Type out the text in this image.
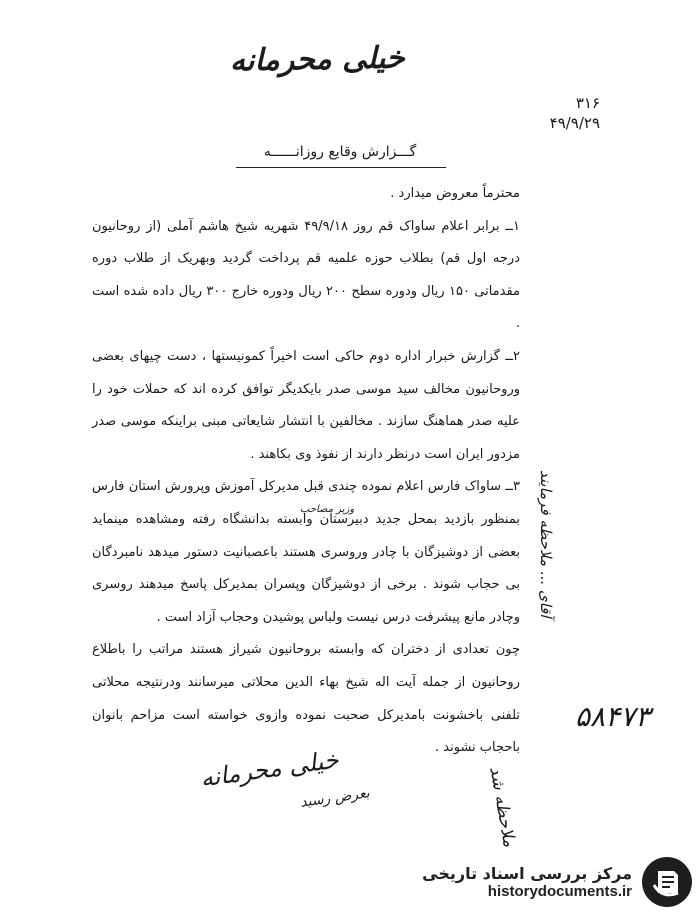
خیلی محرمانه
۳۱۶
۴۹/۹/۲۹
گـــزارش وقایع روزانــــــه

محترماً معروض میدارد .

۱ــ برابر اعلام ساواک قم روز ۴۹/۹/۱۸ شهریه شیخ هاشم آملی (از روحانیون درجه اول قم) بطلاب حوزه علمیه قم پرداخت گردید وبهریک از طلاب دوره مقدماتی ۱۵۰ ریال ودوره سطح ۲۰۰ ریال ودوره خارج ۳۰۰ ریال داده شده است .

۲ــ گزارش خبرار اداره دوم حاکی است اخیراً کمونیستها ، دست چیهای بعضی وروحانیون مخالف سید موسی صدر بایکدیگر توافق کرده اند که حملات خود را علیه صدر هماهنگ سازند . مخالفین با انتشار شایعاتی مبنی براینکه موسی صدر مزدور ایران است درنظر دارند از نفوذ وی بکاهند .

۳ــ ساواک فارس اعلام نموده چندی قبل مدیرکل آموزش وپرورش استان فارس بمنظور بازدید بمحل جدید دبیرستان وابسته بدانشگاه رفته ومشاهده مینماید بعضی از دوشیزگان با چادر وروسری هستند باعصبانیت دستور میدهد نامبردگان بی حجاب شوند . برخی از دوشیزگان وپسران بمدیرکل پاسخ میدهند روسری وچادر مانع پیشرفت درس نیست ولباس پوشیدن وحجاب آزاد است .

چون تعدادی از دختران که وابسته بروحانیون شیراز هستند مراتب را باطلاع روحانیون از جمله آیت اله شیخ بهاء الدین محلاتی میرسانند ودرنتیجه محلاتی تلفنی باخشونت بامدیرکل صحبت نموده وازوی خواسته است مزاحم بانوان باحجاب نشوند .

وزیر مصاحب	آقای ... ملاحظه فرمایند
۵۸۴۷۳
خیلی محرمانه
بعرض رسید	ملاحظه شد
مرکز بررسی اسناد تاریخی
historydocuments.ir
